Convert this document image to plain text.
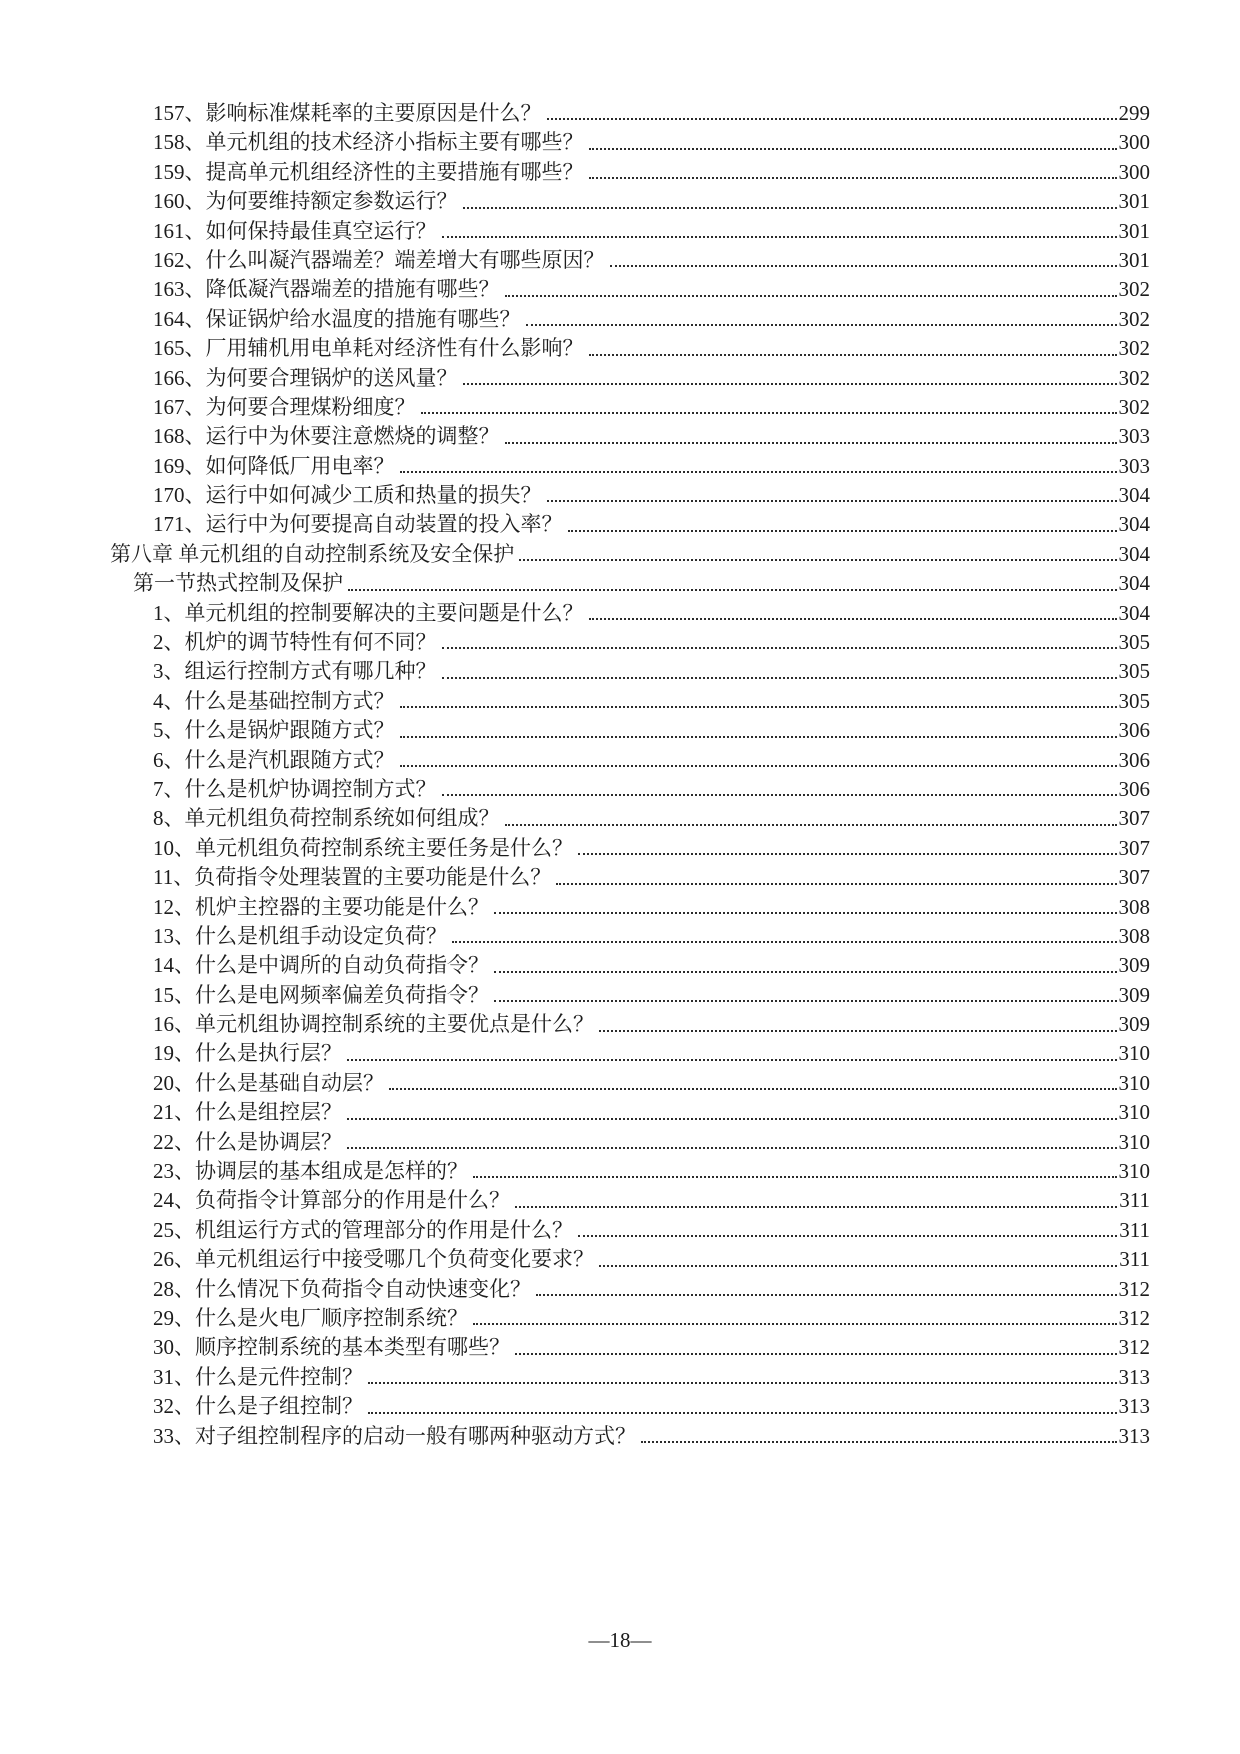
157、影响标准煤耗率的主要原因是什么？	299
158、单元机组的技术经济小指标主要有哪些？	300
159、提高单元机组经济性的主要措施有哪些？	300
160、为何要维持额定参数运行？	301
161、如何保持最佳真空运行？	301
162、什么叫凝汽器端差？端差增大有哪些原因？	301
163、降低凝汽器端差的措施有哪些？	302
164、保证锅炉给水温度的措施有哪些？	302
165、厂用辅机用电单耗对经济性有什么影响？	302
166、为何要合理锅炉的送风量？	302
167、为何要合理煤粉细度？	302
168、运行中为休要注意燃烧的调整？	303
169、如何降低厂用电率？	303
170、运行中如何减少工质和热量的损失？	304
171、运行中为何要提高自动装置的投入率？	304
第八章 单元机组的自动控制系统及安全保护	304
第一节热式控制及保护	304
1、单元机组的控制要解决的主要问题是什么？	304
2、机炉的调节特性有何不同？	305
3、组运行控制方式有哪几种？	305
4、什么是基础控制方式？	305
5、什么是锅炉跟随方式？	306
6、什么是汽机跟随方式？	306
7、什么是机炉协调控制方式？	306
8、单元机组负荷控制系统如何组成？	307
10、单元机组负荷控制系统主要任务是什么？	307
11、负荷指令处理装置的主要功能是什么？	307
12、机炉主控器的主要功能是什么？	308
13、什么是机组手动设定负荷？	308
14、什么是中调所的自动负荷指令？	309
15、什么是电网频率偏差负荷指令？	309
16、单元机组协调控制系统的主要优点是什么？	309
19、什么是执行层？	310
20、什么是基础自动层？	310
21、什么是组控层？	310
22、什么是协调层？	310
23、协调层的基本组成是怎样的？	310
24、负荷指令计算部分的作用是什么？	311
25、机组运行方式的管理部分的作用是什么？	311
26、单元机组运行中接受哪几个负荷变化要求？	311
28、什么情况下负荷指令自动快速变化？	312
29、什么是火电厂顺序控制系统？	312
30、顺序控制系统的基本类型有哪些？	312
31、什么是元件控制？	313
32、什么是子组控制？	313
33、对子组控制程序的启动一般有哪两种驱动方式？	313
—18—
